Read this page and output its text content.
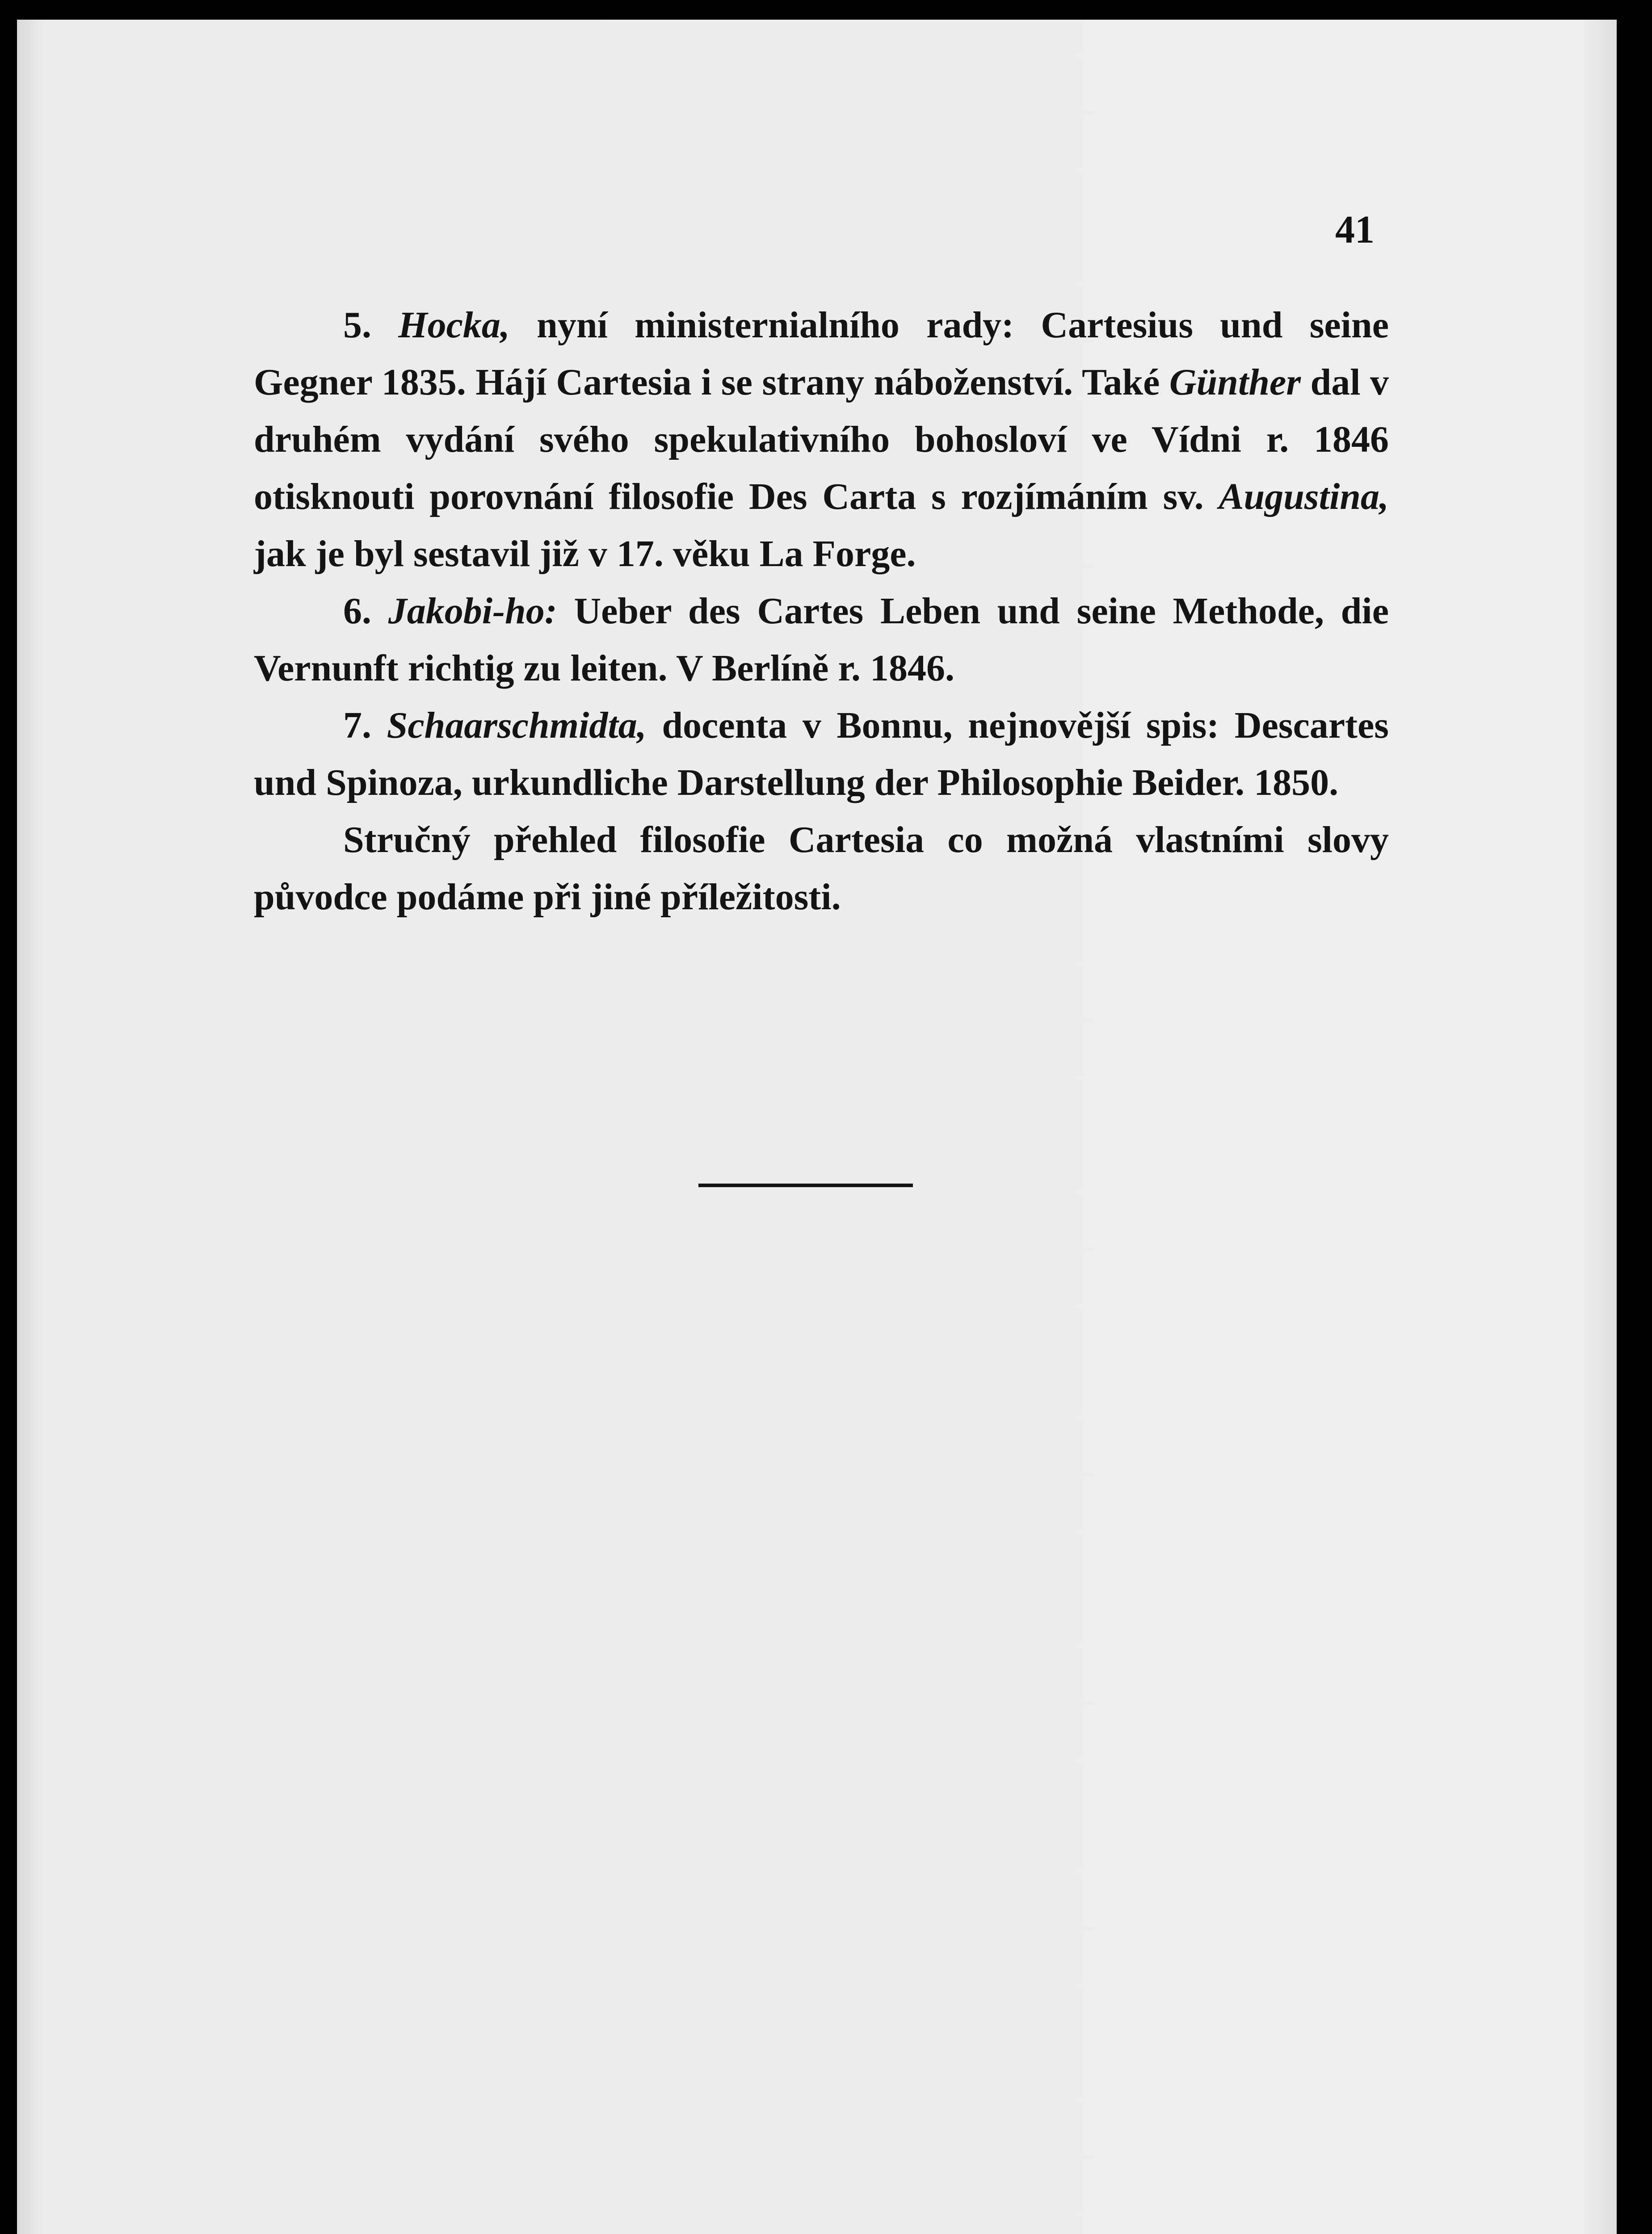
41

5. Hocka, nyní ministernialního rady: Cartesius und seine Gegner 1835. Hájí Cartesia i se strany náboženství. Také Günther dal v druhém vydání svého spekulativního bohosloví ve Vídni r. 1846 otisknouti porovnání filosofie Des Carta s rozjímáním sv. Augustina, jak je byl sestavil již v 17. věku La Forge.

6. Jakobi-ho: Ueber des Cartes Leben und seine Methode, die Vernunft richtig zu leiten. V Berlíně r. 1846.

7. Schaarschmidta, docenta v Bonnu, nejnovější spis: Descartes und Spinoza, urkundliche Darstellung der Philosophie Beider. 1850.

Stručný přehled filosofie Cartesia co možná vlastními slovy původce podáme při jiné příležitosti.
